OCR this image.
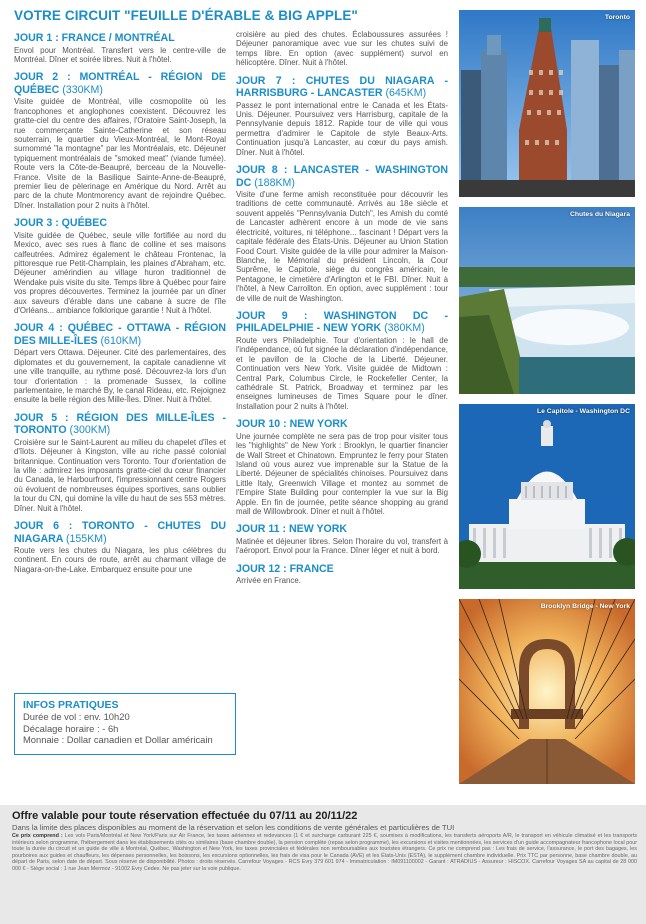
VOTRE CIRCUIT "FEUILLE D'ÉRABLE & BIG APPLE"
JOUR 1 : FRANCE / MONTRÉAL

Envol pour Montréal. Transfert vers le centre-ville de Montréal. Dîner et soirée libres. Nuit à l'hôtel.

JOUR 2 : MONTRÉAL - RÉGION DE QUÉBEC (330KM)

Visite guidée de Montréal, ville cosmopolite où les francophones et anglophones coexistent. Découvrez les gratte-ciel du centre des affaires, l'Oratoire Saint-Joseph, la rue commerçante Sainte-Catherine et son réseau souterrain, le quartier du Vieux-Montréal, le Mont-Royal surnommé "la montagne" par les Montréalais, etc. Déjeuner typiquement montréalais de "smoked meat" (viande fumée). Route vers la Côte-de-Beaupré, berceau de la Nouvelle-France. Visite de la Basilique Sainte-Anne-de-Beaupré, premier lieu de pèlerinage en Amérique du Nord. Arrêt au parc de la chute Montmorency avant de rejoindre Québec. Dîner. Installation pour 2 nuits à l'hôtel.

JOUR 3 : QUÉBEC

Visite guidée de Québec, seule ville fortifiée au nord du Mexico, avec ses rues à flanc de colline et ses maisons calfeutrées. Admirez également le château Frontenac, la pittoresque rue Petit-Champlain, les plaines d'Abraham, etc. Déjeuner amérindien au village huron traditionnel de Wendake puis visite du site. Temps libre à Québec pour faire vos propres découvertes. Terminez la journée par un dîner aux saveurs d'érable dans une cabane à sucre de l'île d'Orléans... ambiance folklorique garantie ! Nuit à l'hôtel.

JOUR 4 : QUÉBEC - OTTAWA - RÉGION DES MILLE-ÎLES (610KM)

Départ vers Ottawa. Déjeuner. Cité des parlementaires, des diplomates et du gouvernement, la capitale canadienne vit une ville tranquille, au rythme posé. Découvrez-la lors d'un tour d'orientation : la promenade Sussex, la colline parlementaire, le marché By, le canal Rideau, etc. Rejoignez ensuite la belle région des Mille-Îles. Dîner. Nuit à l'hôtel.

JOUR 5 : RÉGION DES MILLE-ÎLES - TORONTO (300KM)

Croisière sur le Saint-Laurent au milieu du chapelet d'îles et d'îlots. Déjeuner à Kingston, ville au riche passé colonial britannique. Continuation vers Toronto. Tour d'orientation de la ville : admirez les imposants gratte-ciel du cœur financier du Canada, le Harbourfront, l'impressionnant centre Rogers où évoluent de nombreuses équipes sportives, sans oublier la tour du CN, qui domine la ville du haut de ses 553 mètres. Dîner. Nuit à l'hôtel.

JOUR 6 : TORONTO - CHUTES DU NIAGARA (155KM)

Route vers les chutes du Niagara, les plus célèbres du continent. En cours de route, arrêt au charmant village de Niagara-on-the-Lake. Embarquez ensuite pour une

croisière au pied des chutes. Éclaboussures assurées ! Déjeuner panoramique avec vue sur les chutes suivi de temps libre. En option (avec supplément) survol en hélicoptère. Dîner. Nuit à l'hôtel.

JOUR 7 : CHUTES DU NIAGARA - HARRISBURG - LANCASTER (645KM)

Passez le pont international entre le Canada et les États-Unis. Déjeuner. Poursuivez vers Harrisburg, capitale de la Pennsylvanie depuis 1812. Rapide tour de ville qui vous permettra d'admirer le Capitole de style Beaux-Arts. Continuation jusqu'à Lancaster, au cœur du pays amish. Dîner. Nuit à l'hôtel.

JOUR 8 : LANCASTER - WASHINGTON DC (188KM)

Visite d'une ferme amish reconstituée pour découvrir les traditions de cette communauté. Arrivés au 18e siècle et souvent appelés "Pennsylvania Dutch", les Amish du comté de Lancaster adhèrent encore à un mode de vie sans électricité, voitures, ni téléphone... fascinant ! Départ vers la capitale fédérale des États-Unis. Déjeuner au Union Station Food Court. Visite guidée de la ville pour admirer la Maison-Blanche, le Mémorial du président Lincoln, la Cour Suprême, le Capitole, siège du congrès américain, le Pentagone, le cimetière d'Arlington et le FBI. Dîner. Nuit à l'hôtel, à New Carrollton. En option, avec supplément : tour de ville de nuit de Washington.

JOUR 9 : WASHINGTON DC - PHILADELPHIE - NEW YORK (380KM)

Route vers Philadelphie. Tour d'orientation : le hall de l'indépendance, où fut signée la déclaration d'indépendance, et le pavillon de la Cloche de la Liberté. Déjeuner. Continuation vers New York. Visite guidée de Midtown : Central Park, Columbus Circle, le Rockefeller Center, la cathédrale St. Patrick, Broadway et terminez par les enseignes lumineuses de Times Square pour le dîner. Installation pour 2 nuits à l'hôtel.

JOUR 10 : NEW YORK

Une journée complète ne sera pas de trop pour visiter tous les "highlights" de New York : Brooklyn, le quartier financier de Wall Street et Chinatown. Empruntez le ferry pour Staten Island où vous aurez vue imprenable sur la Statue de la Liberté. Déjeuner de spécialités chinoises. Poursuivez dans Little Italy, Greenwich Village et montez au sommet de l'Empire State Building pour contempler la vue sur la Big Apple. En fin de journée, petite séance shopping au grand mall de Willowbrook. Dîner et nuit à l'hôtel.

JOUR 11 : NEW YORK

Matinée et déjeuner libres. Selon l'horaire du vol, transfert à l'aéroport. Envol pour la France. Dîner léger et nuit à bord.

JOUR 12 : FRANCE

Arrivée en France.

Toronto
Chutes du Niagara
Le Capitole - Washington DC
Brooklyn Bridge - New York
INFOS PRATIQUES

Durée de vol : env. 10h20

Décalage horaire : - 6h

Monnaie : Dollar canadien et Dollar américain

Offre valable pour toute réservation effectuée du 07/11 au 20/11/22

Dans la limite des places disponibles au moment de la réservation et selon les conditions de vente générales et particulières de TUI

Ce prix comprend : Les vols Paris/Montréal et New York/Paris sur Air France, les taxes aériennes et redevances (1 € et surcharge carburant 225 €, soumises à modifications, les transferts aéroports A/R, le transport en véhicule climatisé et les transports intérieurs selon programme, l'hébergement dans les établissements cités ou similaires (base chambre double), la pension complète (repas selon programme), les excursions et visites mentionnées, les services d'un guide accompagnateur francophone local pour toute la durée du circuit et un guide de ville à Montréal, Québec, Washington et New York, les taxes provinciales et fédérales non remboursables aux touristes étrangers. Ce prix ne comprend pas : Les frais de service, l'assurance, le port des bagages, les pourboires aux guides et chauffeurs, les dépenses personnelles, les boissons, les excursions optionnelles, les frais de visa pour le Canada (AVE) et les États-Unis (ESTA), le supplément chambre individuelle. Prix TTC par personne, base chambre double, au départ de Paris, selon date de départ. Sous réserve de disponibilité. Photos : droits réservés. Carrefour Voyages - RCS Evry 379 601 974 - Immatriculation : IM091100002 - Garant : ATRADIUS - Assureur : HISCOX. Carrefour Voyages SA au capital de 28 000 000 € - Siège social : 1 rue Jean Mermoz - 91002 Evry Cedex. Ne pas jeter sur la voie publique.
